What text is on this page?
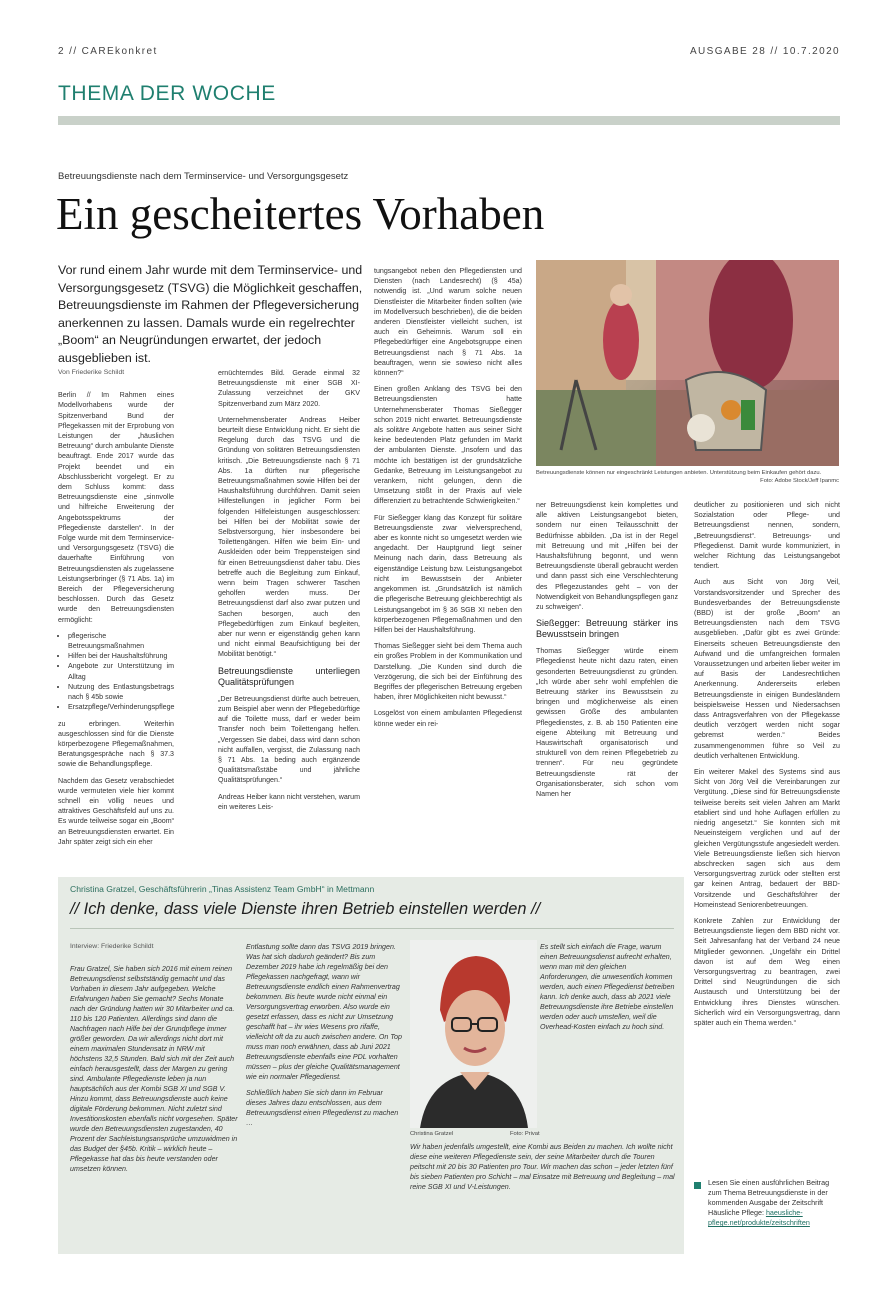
2 // CAREkonkret	AUSGABE 28 // 10.7.2020
THEMA DER WOCHE
Betreuungsdienste nach dem Terminservice- und Versorgungsgesetz
Ein gescheitertes Vorhaben
Vor rund einem Jahr wurde mit dem Terminservice- und Versorgungsgesetz (TSVG) die Möglichkeit geschaffen, Betreuungsdienste im Rahmen der Pflegeversicherung anerkennen zu lassen. Damals wurde ein regelrechter „Boom“ an Neugründungen erwartet, der jedoch ausgeblieben ist.
Von Friederike Schildt

Berlin // Im Rahmen eines Modellvorhabens wurde der Spitzenverband Bund der Pflegekassen mit der Erprobung von Leistungen der „häuslichen Betreuung“ durch ambulante Dienste beauftragt. Ende 2017 wurde das Projekt beendet und ein Abschlussbericht vorgelegt. Er zu dem Schluss kommt: dass Betreuungsdienste eine „sinnvolle und hilfreiche Erweiterung der Angebotsspektrums der Pflegedienste darstellen“. In der Folge wurde mit dem Terminservice- und Versorgungsgesetz (TSVG) die dauerhafte Einführung von Betreuungsdiensten als zugelassene Leistungserbringer (§ 71 Abs. 1a) im Bereich der Pflegeversicherung beschlossen. Durch das Gesetz wurde den Betreuungsdiensten ermöglicht:

• pflegerische Betreuungsmaßnahmen
• Hilfen bei der Haushaltsführung
• Angebote zur Unterstützung im Alltag
• Nutzung des Entlastungsbetrags nach § 45b sowie
• Ersatzpflege/Verhinderungspflege

zu erbringen. Weiterhin ausgeschlossen sind für die Dienste körperbezogene Pflegemaßnahmen, Beratungsgespräche nach § 37.3 sowie die Behandlungspflege.

Nachdem das Gesetz verabschiedet wurde vermuteten viele hier kommt schnell ein völlig neues und attraktives Geschäftsfeld auf uns zu. Es wurde teilweise sogar ein „Boom“ an Betreuungsdiensten erwartet. Ein Jahr später zeigt sich ein eher

ernüchterndes Bild. Gerade einmal 32 Betreuungsdienste mit einer SGB XI-Zulassung verzeichnet der GKV Spitzenverband zum März 2020.

Unternehmensberater Andreas Heiber beurteilt diese Entwicklung nicht. Er sieht die Regelung durch das TSVG und die Gründung von solitären Betreuungsdiensten kritisch. „Die Betreuungsdienste nach § 71 Abs. 1a dürften nur pflegerische Betreuungsmaßnahmen sowie Hilfen bei der Haushaltsführung durchführen. Damit seien Hilfestellungen in jeglicher Form bei folgenden Hilfeleistungen ausgeschlossen: bei Hilfen bei der Mobilität sowie der Selbstversorgung, hier insbesondere bei Toilettengängen. Hilfen wie beim Ein- und Auskleiden oder beim Treppensteigen sind für einen Betreuungsdienst daher tabu. Dies betreffe auch die Begleitung zum Einkauf, wenn beim Tragen schwerer Taschen geholfen werden muss. Der Betreuungsdienst darf also zwar putzen und Sachen besorgen, auch den Pflegebedürftigen zum Einkauf begleiten, aber nur wenn er eigenständig gehen kann und nicht einmal Beaufsichtigung bei der Mobilität benötigt.“

Betreuungsdienste unterliegen Qualitätsprüfungen

„Der Betreuungsdienst dürfte auch betreuen, zum Beispiel aber wenn der Pflegebedürftige auf die Toilette muss, darf er weder beim Transfer noch beim Toilettengang helfen. „Vergessen Sie dabei, dass wird dann schon nicht auffallen, vergisst, die Zulassung nach § 71 Abs. 1a beding auch ergänzende Qualitätsmaßstäbe und jährliche Qualitätsprüfungen.“

Andreas Heiber kann nicht verstehen, warum ein weiteres Leis-

tungsangebot neben den Pflegediensten und Diensten (nach Landesrecht) (§ 45a) notwendig ist. „Und warum solche neuen Dienstleister die Mitarbeiter finden sollten (wie im Modellversuch beschrieben), die die beiden anderen Dienstleister vielleicht suchen, ist auch ein Geheimnis. Warum soll ein Pflegebedürftiger eine Angebotsgruppe einen Betreuungsdienst nach § 71 Abs. 1a beauftragen, wenn sie sowieso nicht alles können?“

Einen großen Anklang des TSVG bei den Betreuungsdiensten hatte Unternehmensberater Thomas Sießegger schon 2019 nicht erwartet. Betreuungsdienste als solitäre Angebote hatten aus seiner Sicht keine bedeutenden Platz gefunden im Markt der ambulanten Dienste. „Insofern und das möchte ich bestätigen ist der grundsätzliche Gedanke, Betreuung im Leistungsangebot zu verankern, nicht gelungen, denn die Umsetzung stößt in der Praxis auf viele differenziert zu betrachtende Schwierigkeiten.“

Für Sießegger klang das Konzept für solitäre Betreuungsdienste zwar vielversprechend, aber es konnte nicht so umgesetzt werden wie angedacht. Der Hauptgrund liegt seiner Meinung nach darin, dass Betreuung als eigenständige Leistung bzw. Leistungsangebot nicht im Bewusstsein der Anbieter angekommen ist. „Grundsätzlich ist nämlich die pflegerische Betreuung gleichberechtigt als Leistungsangebot im § 36 SGB XI neben den körperbezogenen Pflegemaßnahmen und den Hilfen bei der Haushaltsführung.

Thomas Sießegger sieht bei dem Thema auch ein großes Problem in der Kommunikation und Darstellung. „Die Kunden sind durch die Verzögerung, die sich bei der Einführung des Begriffes der pflegerischen Betreuung ergeben haben, ihrer Möglichkeiten nicht bewusst.“

Losgelöst von einem ambulanten Pflegedienst könne weder ein rei-

Betreuungsdienste können nur eingeschränkt Leistungen anbieten. Unterstützung beim Einkaufen gehört dazu.
Foto: Adobe Stock/Jeff Ipanmc

ner Betreuungsdienst kein komplettes und alle aktiven Leistungsangebot bieten, sondern nur einen Teilausschnitt der Bedürfnisse abbilden. „Da ist in der Regel mit Betreuung und mit „Hilfen bei der Haushaltsführung begonnt, und wenn Betreuungsdienste überall gebraucht werden und dann passt sich eine Verschlechterung des Pflegezustandes geht – von der Notwendigkeit von Behandlungspflegen ganz zu schweigen“.

Sießegger: Betreuung stärker ins Bewusstsein bringen

Thomas Sießegger würde einem Pflegedienst heute nicht dazu raten, einen gesonderten Betreuungsdienst zu gründen. „Ich würde aber sehr wohl empfehlen die Betreuung stärker ins Bewusstsein zu bringen und möglicherweise als einen gewissen Größe des ambulanten Pflegedienstes, z. B. ab 150 Patienten eine eigene Abteilung mit Betreuung und Hauswirtschaft organisatorisch und strukturell von dem reinen Pflegebetrieb zu trennen“. Für neu gegründete Betreuungsdienste rät der Organisationsberater, sich schon vom Namen her

deutlicher zu positionieren und sich nicht Sozialstation oder Pflege- und Betreuungsdienst nennen, sondern, „Betreuungsdienst“. Betreuungs- und Pflegedienst. Damit wurde kommuniziert, in welcher Richtung das Leistungsangebot tendiert.

Auch aus Sicht von Jörg Veil, Vorstandsvorsitzender und Sprecher des Bundesverbandes der Betreuungsdienste (BBD) ist der große „Boom“ an Betreuungsdiensten nach dem TSVG ausgeblieben. „Dafür gibt es zwei Gründe: Einerseits scheuen Betreuungsdienste den Aufwand und die umfangreichen formalen Voraussetzungen und arbeiten lieber weiter im auf Basis der Landesrechtlichen Anerkennung. Andererseits erleben Betreuungsdienste in einigen Bundesländern beispielsweise Hessen und Niedersachsen dass Antragsverfahren von der Pflegekasse deutlich verzögert werden nicht sogar gebremst werden.“ Beides zusammengenommen führe so Veil zu deutlich verhaltenen Entwicklung.

Ein weiterer Makel des Systems sind aus Sicht von Jörg Veil die Vereinbarungen zur Vergütung. „Diese sind für Betreuungsdienste teilweise bereits seit vielen Jahren am Markt etabliert sind und hohe Auflagen erfüllen zu niedrig angesetzt.“ Sie konnten sich mit Neueinsteigern verglichen und auf der gleichen Vergütungsstufe angesiedelt werden. Viele Betreuungsdienste ließen sich hiervon abschrecken sagen sich aus dem Versorgungsvertrag zurück oder stellten erst gar keinen Antrag, bedauert der BBD-Vorsitzende und Geschäftsführer der Homeinstead Seniorenbetreuungen.

Konkrete Zahlen zur Entwicklung der Betreuungsdienste liegen dem BBD nicht vor. Seit Jahresanfang hat der Verband 24 neue Mitglieder gewonnen. „Ungefähr ein Drittel davon ist auf dem Weg einen Versorgungsvertrag zu beantragen, zwei Drittel sind Neugründungen die sich Austausch und Unterstützung bei der Entwicklung ihres Dienstes wünschen. Sicherlich wird ein Versorgungsvertrag, dann später auch ein Thema werden.“

Christina Gratzel, Geschäftsführerin „Tinas Assistenz Team GmbH“ in Mettmann
// Ich denke, dass viele Dienste ihren Betrieb einstellen werden //
Interview: Friederike Schildt

Frau Gratzel, Sie haben sich 2016 mit einem reinen Betreuungsdienst selbstständig gemacht und das Vorhaben in diesem Jahr aufgegeben. Welche Erfahrungen haben Sie gemacht? Sechs Monate nach der Gründung hatten wir 30 Mitarbeiter und ca. 110 bis 120 Patienten. Allerdings sind dann die Nachfragen nach Hilfe bei der Grundpflege immer größer geworden. Da wir allerdings nicht dort mit einem maximalen Stundensatz in NRW mit höchstens 32,5 Stunden. Bald sich mit der Zeit auch einfach herausgestellt, dass der Margen zu gering sind. Ambulante Pflegedienste leben ja nun hauptsächlich aus der Kombi SGB XI und SGB V. Hinzu kommt, dass Betreuungsdienste auch keine digitale Förderung bekommen. Nicht zuletzt sind Investitionskosten ebenfalls nicht vorgesehen. Später wurde den Betreuungsdiensten zugestanden, 40 Prozent der Sachleistungsansprüche umzuwidmen in das Budget der §45b. Kritik – wirklich heute – Pflegekasse hat das bis heute verstanden oder umsetzen können.

Entlastung sollte dann das TSVG 2019 bringen. Was hat sich dadurch geändert? Bis zum Dezember 2019 habe ich regelmäßig bei den Pflegekassen nachgefragt, wann wir Betreuungsdienste endlich einen Rahmenvertrag bekommen. Bis heute wurde nicht einmal ein Versorgungsvertrag erworben. Also wurde ein gesetzt erfassen, dass es nicht zur Umsetzung geschafft hat – ihr wies Wesens pro rifaffe, vielleicht oft da zu auch zwischen andere. On Top muss man noch erwähnen, dass ab Juni 2021 Betreuungsdienste ebenfalls eine PDL vorhalten müssen – plus der gleiche Qualitätsmanagement wie ein normaler Pflegedienst.

Schließlich haben Sie sich dann im Februar dieses Jahres dazu entschlossen, aus dem Betreuungsdienst einen Pflegedienst zu machen …

Christina Gratzel	Foto: Privat

Es stellt sich einfach die Frage, warum einen Betreuungsdienst aufrecht erhalten, wenn man mit den gleichen Anforderungen, die unwesentlich kommen werden, auch einen Pflegedienst betreiben kann. Ich denke auch, dass ab 2021 viele Betreuungsdienste ihre Betriebe einstellen werden oder auch umstellen, weil die Overhead-Kosten einfach zu hoch sind.

Wir haben jedenfalls umgestellt, eine Kombi aus Beiden zu machen. Ich wollte nicht diese eine weiteren Pflegedienste sein, der seine Mitarbeiter durch die Touren peitscht mit 20 bis 30 Patienten pro Tour. Wir machen das schon – jeder letzten fünf bis sieben Patienten pro Schicht – mal Einsatze mit Betreuung und Begleitung – mal reine SGB XI und V-Leistungen.	Lesen Sie einen ausführlichen Beitrag zum Thema Betreuungsdienste in der kommenden Ausgabe der Zeitschrift Häusliche Pflege: haeusliche-pflege.net/produkte/zeitschriften
